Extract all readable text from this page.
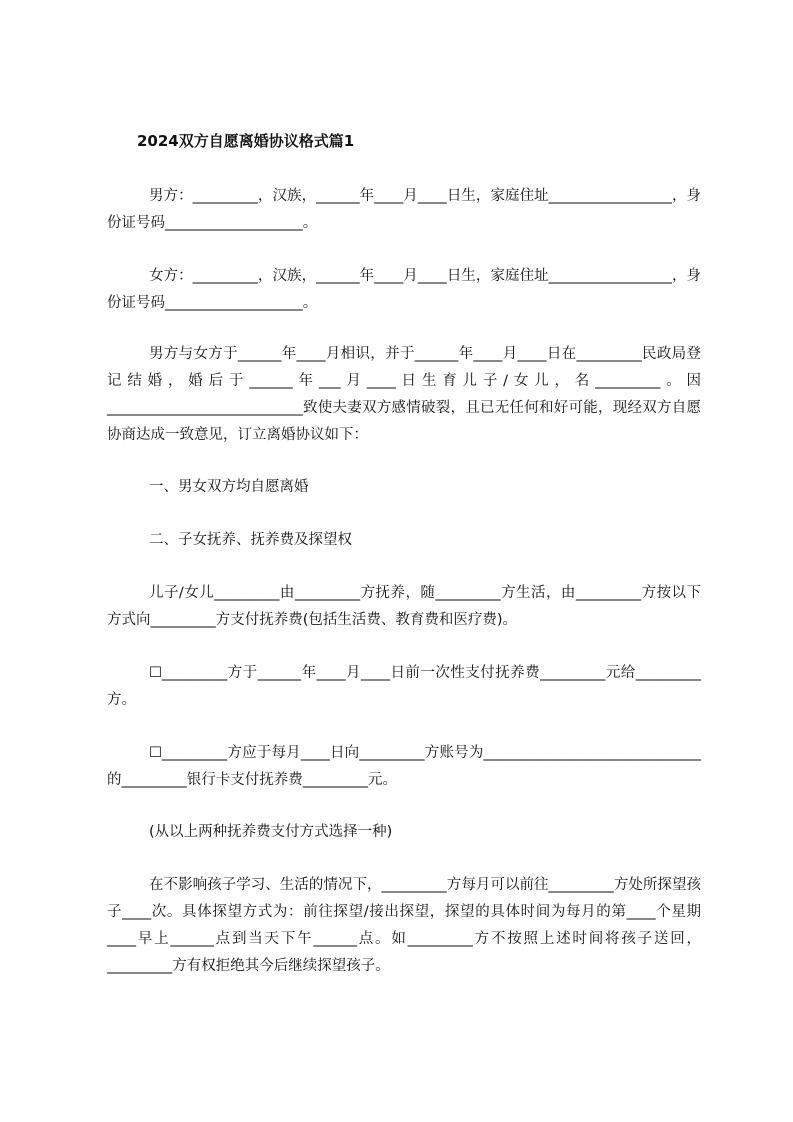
2024双方自愿离婚协议格式篇1

男方：_________，汉族，______年____月____日生，家庭住址_________________，身份证号码___________________。

女方：_________，汉族，______年____月____日生，家庭住址_________________，身份证号码___________________。

男方与女方于______年____月相识，并于______年____月____日在_________民政局登记结婚，婚后于______年___月____日生育儿子/女儿，名_________。因___________________________致使夫妻双方感情破裂，且已无任何和好可能，现经双方自愿协商达成一致意见，订立离婚协议如下：

一、男女双方均自愿离婚

二、子女抚养、抚养费及探望权

儿子/女儿_________由_________方抚养，随_________方生活，由_________方按以下方式向_________方支付抚养费(包括生活费、教育费和医疗费)。

☐_________方于______年____月____日前一次性支付抚养费_________元给_________方。

☐_________方应于每月____日向_________方账号为______________________________的_________银行卡支付抚养费_________元。

(从以上两种抚养费支付方式选择一种)

在不影响孩子学习、生活的情况下，_________方每月可以前往_________方处所探望孩子____次。具体探望方式为：前往探望/接出探望，探望的具体时间为每月的第____个星期____早上______点到当天下午______点。如_________方不按照上述时间将孩子送回，_________方有权拒绝其今后继续探望孩子。
